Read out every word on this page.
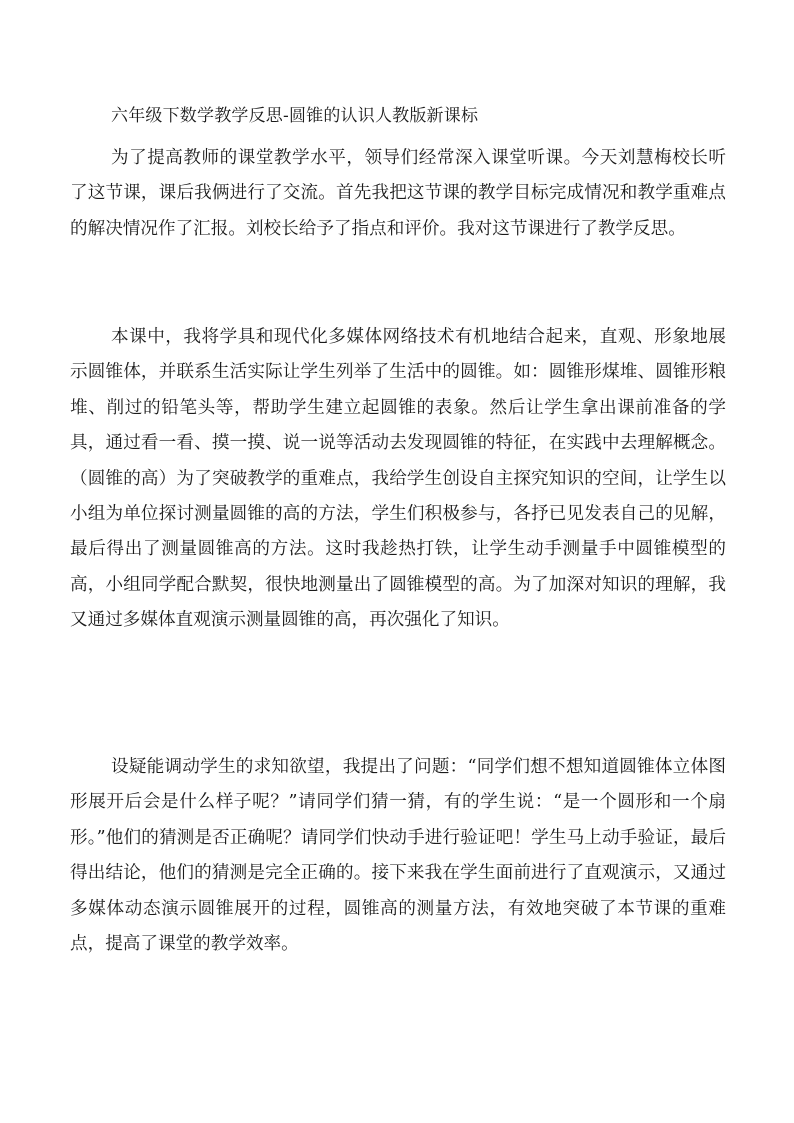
六年级下数学教学反思-圆锥的认识人教版新课标

为了提高教师的课堂教学水平，领导们经常深入课堂听课。今天刘慧梅校长听了这节课，课后我俩进行了交流。首先我把这节课的教学目标完成情况和教学重难点的解决情况作了汇报。刘校长给予了指点和评价。我对这节课进行了教学反思。

本课中，我将学具和现代化多媒体网络技术有机地结合起来，直观、形象地展示圆锥体，并联系生活实际让学生列举了生活中的圆锥。如：圆锥形煤堆、圆锥形粮堆、削过的铅笔头等，帮助学生建立起圆锥的表象。然后让学生拿出课前准备的学具，通过看一看、摸一摸、说一说等活动去发现圆锥的特征，在实践中去理解概念。（圆锥的高）为了突破教学的重难点，我给学生创设自主探究知识的空间，让学生以小组为单位探讨测量圆锥的高的方法，学生们积极参与，各抒已见发表自己的见解，最后得出了测量圆锥高的方法。这时我趁热打铁，让学生动手测量手中圆锥模型的高，小组同学配合默契，很快地测量出了圆锥模型的高。为了加深对知识的理解，我又通过多媒体直观演示测量圆锥的高，再次强化了知识。

设疑能调动学生的求知欲望，我提出了问题：“同学们想不想知道圆锥体立体图形展开后会是什么样子呢？”请同学们猜一猜，有的学生说：“是一个圆形和一个扇形。”他们的猜测是否正确呢？请同学们快动手进行验证吧！学生马上动手验证，最后得出结论，他们的猜测是完全正确的。接下来我在学生面前进行了直观演示，又通过多媒体动态演示圆锥展开的过程，圆锥高的测量方法，有效地突破了本节课的重难点，提高了课堂的教学效率。
